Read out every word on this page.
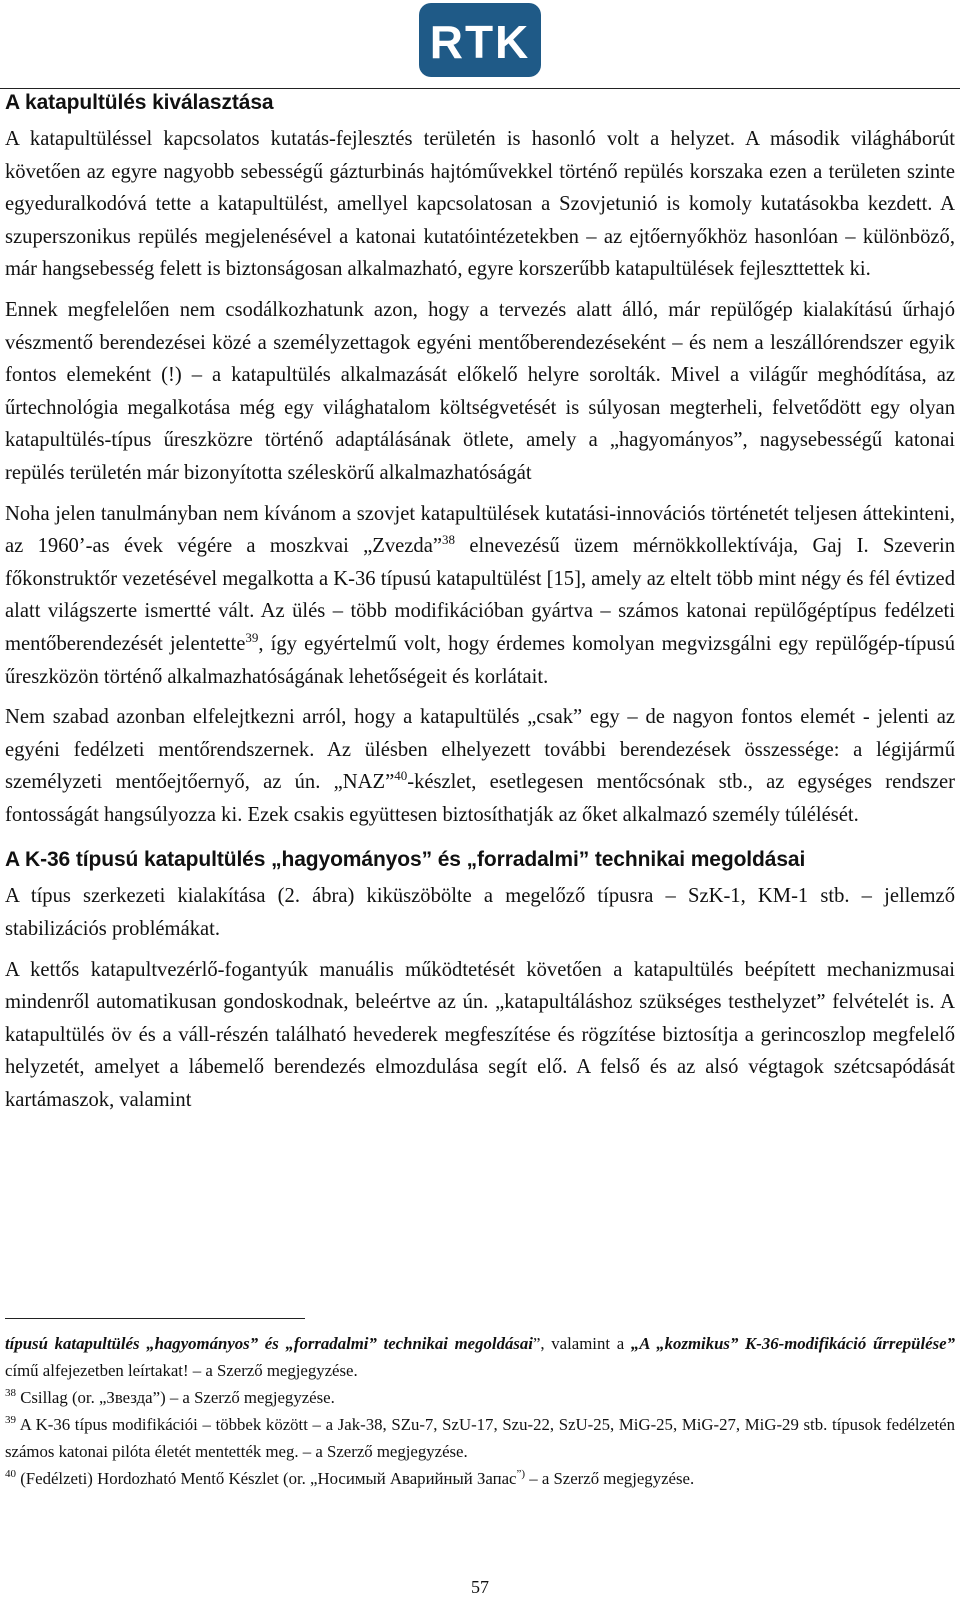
RTK
A katapultülés kiválasztása

A katapultüléssel kapcsolatos kutatás-fejlesztés területén is hasonló volt a helyzet. A második világháborút követően az egyre nagyobb sebességű gázturbinás hajtóművekkel történő repülés korszaka ezen a területen szinte egyeduralkodóvá tette a katapultülést, amellyel kapcsolatosan a Szovjetunió is komoly kutatásokba kezdett. A szuperszonikus repülés megjelenésével a katonai kutatóintézetekben – az ejtőernyőkhöz hasonlóan – különböző, már hangsebesség felett is biztonságosan alkalmazható, egyre korszerűbb katapultülések fejleszttettek ki.

Ennek megfelelően nem csodálkozhatunk azon, hogy a tervezés alatt álló, már repülőgép kialakítású űrhajó vészmentő berendezései közé a személyzettagok egyéni mentőberendezéseként – és nem a leszállórendszer egyik fontos elemeként (!) – a katapultülés alkalmazását előkelő helyre sorolták. Mivel a világűr meghódítása, az űrtechnológia megalkotása még egy világhatalom költségvetését is súlyosan megterheli, felvetődött egy olyan katapultülés-típus űreszközre történő adaptálásának ötlete, amely a „hagyományos”, nagysebességű katonai repülés területén már bizonyította széleskörű alkalmazhatóságát

Noha jelen tanulmányban nem kívánom a szovjet katapultülések kutatási-innovációs történetét teljesen áttekinteni, az 1960’-as évek végére a moszkvai „Zvezda”$^{38}$ elnevezésű üzem mérnökkollektívája, Gaj I. Szeverin főkonstruktőr vezetésével megalkotta a K-36 típusú katapultülést [15], amely az eltelt több mint négy és fél évtized alatt világszerte ismertté vált. Az ülés – több modifikációban gyártva – számos katonai repülőgéptípus fedélzeti mentőberendezését jelentette$^{39}$, így egyértelmű volt, hogy érdemes komolyan megvizsgálni egy repülőgép-típusú űreszközön történő alkalmazhatóságának lehetőségeit és korlátait.

Nem szabad azonban elfelejtkezni arról, hogy a katapultülés „csak” egy – de nagyon fontos elemét - jelenti az egyéni fedélzeti mentőrendszernek. Az ülésben elhelyezett további berendezések összessége: a légijármű személyzeti mentőejtőernyő, az ún. „NAZ”$^{40}$-készlet, esetlegesen mentőcsónak stb., az egységes rendszer fontosságát hangsúlyozza ki. Ezek csakis együttesen biztosíthatják az őket alkalmazó személy túlélését.

A K-36 típusú katapultülés „hagyományos” és „forradalmi” technikai megoldásai

A típus szerkezeti kialakítása (2. ábra) kiküszöbölte a megelőző típusra – SzK-1, KM-1 stb. – jellemző stabilizációs problémákat.

A kettős katapultvezérlő-fogantyúk manuális működtetését követően a katapultülés beépített mechanizmusai mindenről automatikusan gondoskodnak, beleértve az ún. „katapultáláshoz szükséges testhelyzet” felvételét is. A katapultülés öv és a váll-részén található hevederek megfeszítése és rögzítése biztosítja a gerincoszlop megfelelő helyzetét, amelyet a lábemelő berendezés elmozdulása segít elő. A felső és az alsó végtagok szétcsapódását kartámaszok, valamint

típusú katapultülés „hagyományos” és „forradalmi” technikai megoldásai”, valamint a „A „kozmikus” K-36-modifikáció űrrepülése” című alfejezetben leírtakat! – a Szerző megjegyzése.

$^{38}$ Csillag (or. „Звезда”) – a Szerző megjegyzése.

$^{39}$ A K-36 típus modifikációi – többek között – a Jak-38, SZu-7, SzU-17, Szu-22, SzU-25, MiG-25, MiG-27, MiG-29 stb. típusok fedélzetén számos katonai pilóta életét mentették meg. – a Szerző megjegyzése.

$^{40}$ (Fedélzeti) Hordozható Mentő Készlet (or. „Носимый Аварийный Запас”) – a Szerző megjegyzése.

57
